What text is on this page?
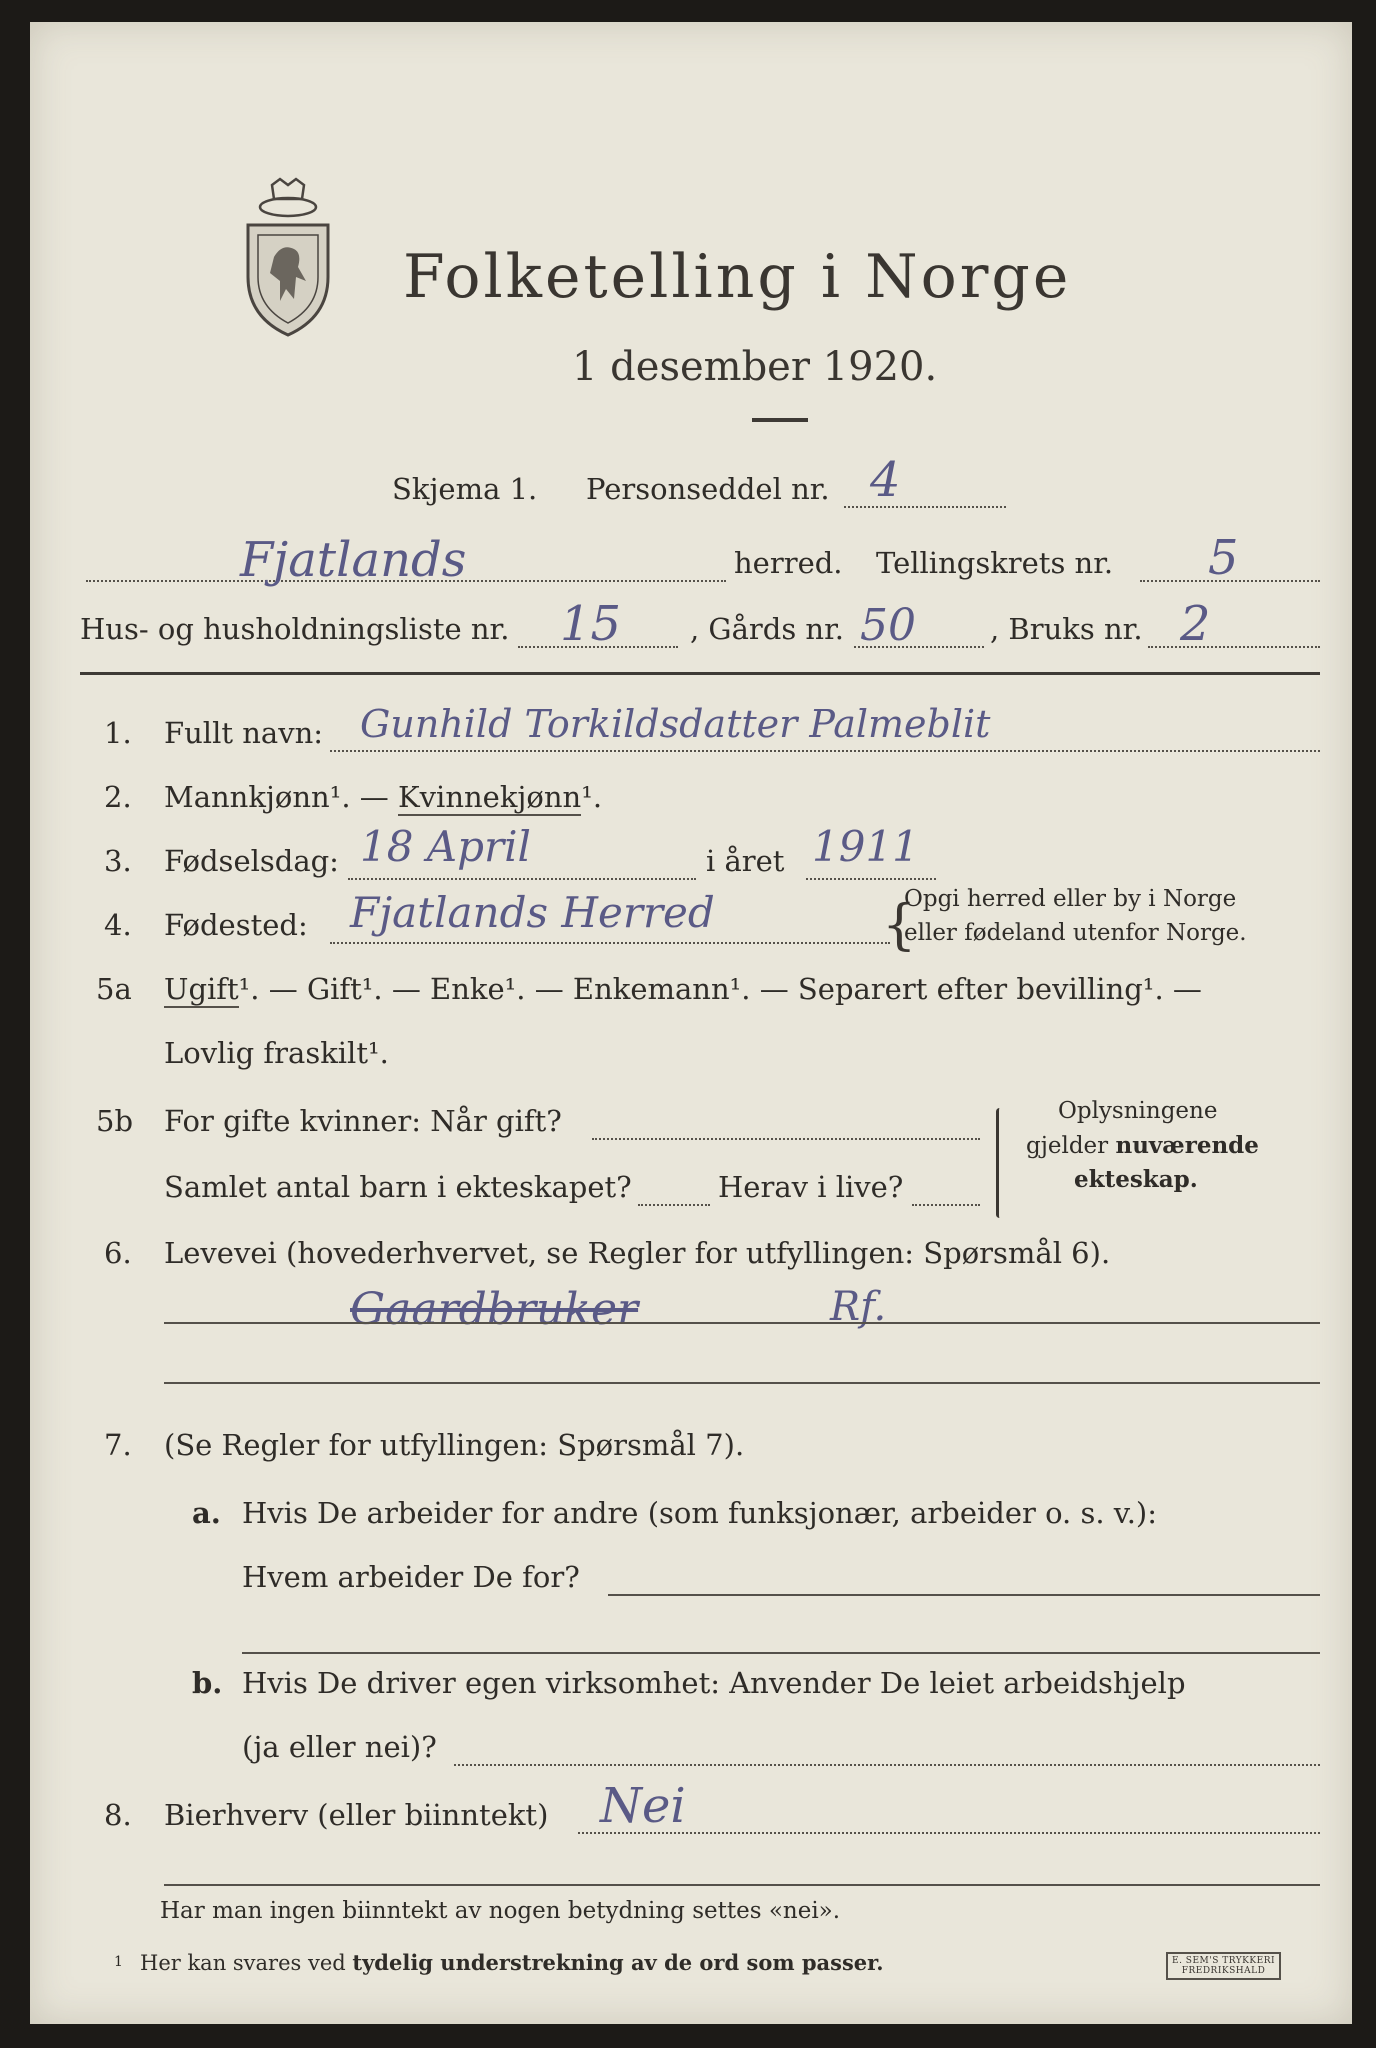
Folketelling i Norge
1 desember 1920.
Skjema 1. Personseddel nr. 4
Fjatlands	herred. Tellingskrets nr. 5
Hus- og husholdningsliste nr. 15 , Gårds nr. 50	, Bruks nr. 2
1. Fullt navn: Gunhild Torkildsdatter Palmeblit
2. Mannkjønn¹. — Kvinnekjønn¹.
3. Fødselsdag: 18 April	i året 1911
4. Fødested: Fjatlands Herred	{
Opgi herred eller by i Norge
eller fødeland utenfor Norge.
5a Ugift¹. — Gift¹. — Enke¹. — Enkemann¹. — Separert efter bevilling¹. —
Lovlig fraskilt¹.
5b For gifte kvinner: Når gift?
Samlet antal barn i ekteskapet?	Herav i live?
Oplysningene
gjelder nuværende
ekteskap.
6. Levevei (hovederhvervet, se Regler for utfyllingen: Spørsmål 6).
Gaardbruker	Rf.
7. (Se Regler for utfyllingen: Spørsmål 7).
a. Hvis De arbeider for andre (som funksjonær, arbeider o. s. v.):
Hvem arbeider De for?
b. Hvis De driver egen virksomhet: Anvender De leiet arbeidshjelp
(ja eller nei)?
8. Bierhverv (eller biinntekt) Nei
Har man ingen biinntekt av nogen betydning settes «nei».
1 Her kan svares ved tydelig understrekning av de ord som passer.	E. SEM'S TRYKKERI
FREDRIKSHALD
